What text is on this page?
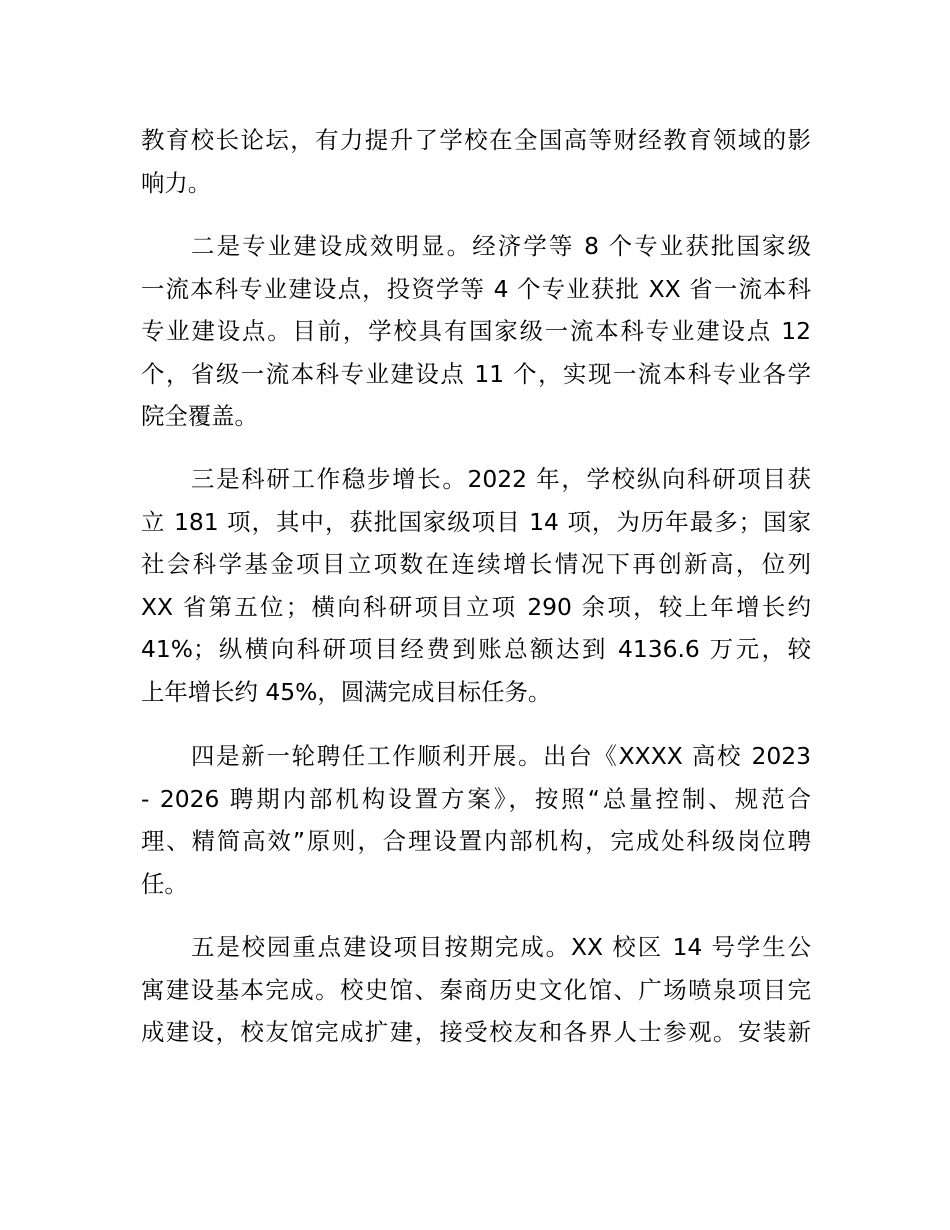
教育校长论坛，有力提升了学校在全国高等财经教育领域的影
响力。
二是专业建设成效明显。经济学等 8 个专业获批国家级
一流本科专业建设点，投资学等 4 个专业获批 XX 省一流本科
专业建设点。目前，学校具有国家级一流本科专业建设点 12
个，省级一流本科专业建设点 11 个，实现一流本科专业各学
院全覆盖。
三是科研工作稳步增长。2022 年，学校纵向科研项目获
立 181 项，其中，获批国家级项目 14 项，为历年最多；国家
社会科学基金项目立项数在连续增长情况下再创新高，位列
XX 省第五位；横向科研项目立项 290 余项，较上年增长约
41%；纵横向科研项目经费到账总额达到 4136.6 万元，较
上年增长约 45%，圆满完成目标任务。
四是新一轮聘任工作顺利开展。出台《XXXX 高校 2023
- 2026 聘期内部机构设置方案》，按照“总量控制、规范合
理、精简高效”原则，合理设置内部机构，完成处科级岗位聘
任。
五是校园重点建设项目按期完成。XX 校区 14 号学生公
寓建设基本完成。校史馆、秦商历史文化馆、广场喷泉项目完
成建设，校友馆完成扩建，接受校友和各界人士参观。安装新
